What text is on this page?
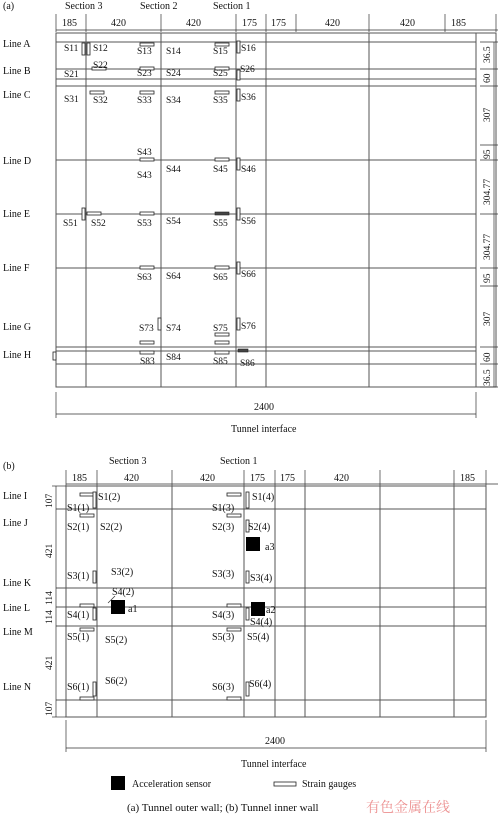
(a)	Section 3	Section 2	Section 1
185	420	420	175 175	420	420	185
Line A
Line B
Line C
Line D
Line E
Line F
Line G
Line H
36.5
60
307
95
304.77
304.77
95
307
60
36.5
S11 S12	S13 S14	S15 S16
S21
S22
S23 S24	S25 S26
S31 S32	S33 S34	S35 S36
S43
S43
S44	S45 S46
S51 S52	S53 S54	S55 S56
S63 S64	S65 S66
S73 S74	S75 S76
S83 S84	S85 S86
2400
Tunnel interface
(b)	Section 3	Section 1
185	420	420	175 175	420	185
107
421
114
114
421
107
Line I
Line J
Line K
Line L
Line M
Line N
S1(2)
S1(1)	S1(3)
S1(4)
S2(1) S2(2)	S2(3) S2(4)
S3(1) S3(2)	S3(3) S3(4)
S4(2)
S4(1)	S4(3)
S4(4)
S5(1) S5(2)	S5(3) S5(4)
S6(2)
S6(1)	S6(3) S6(4)
a3
a1	a2
2400
Tunnel interface
Acceleration sensor	Strain gauges
(a) Tunnel outer wall; (b) Tunnel inner wall	有色金属在线
